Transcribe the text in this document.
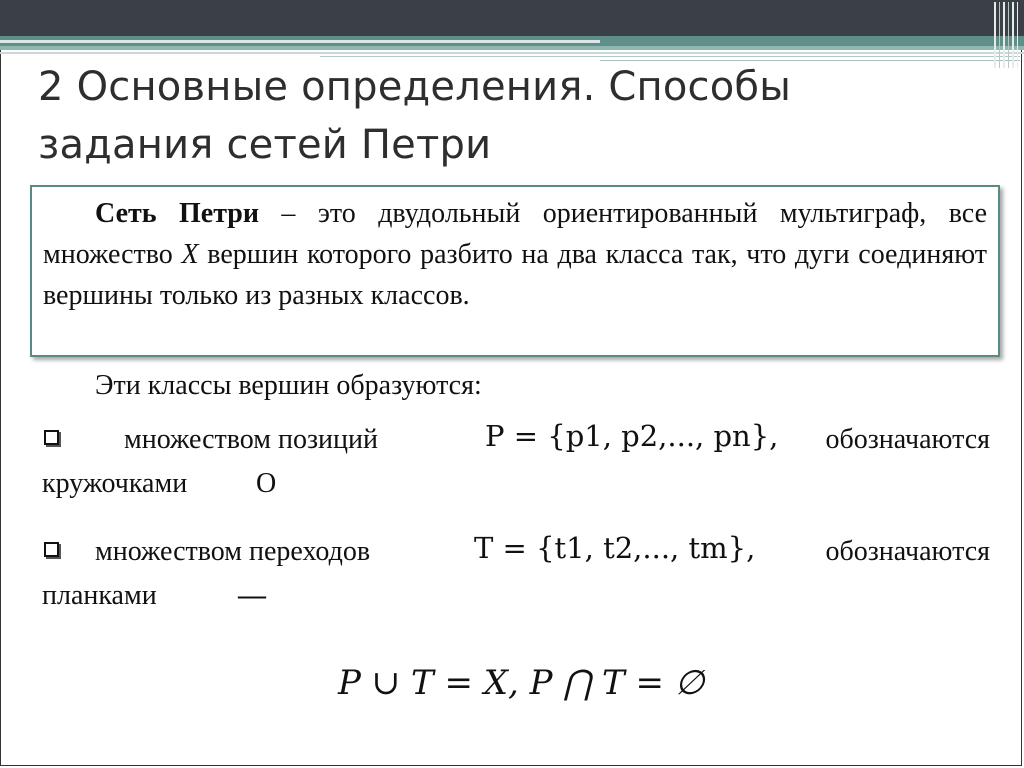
2 Основные определения. Способы задания сетей Петри
Сеть Петри – это двудольный ориентированный мультиграф, все множество X вершин которого разбито на два класса так, что дуги соединяют вершины только из разных классов.
Эти классы вершин образуются:
множеством позиций	P = {p1, p2,..., pn}, обозначаются
кружочками О
множеством переходов	T = {t1, t2,..., tm},	обозначаются
планками	—
P ∪ T = X, P ⋂ T = ∅
